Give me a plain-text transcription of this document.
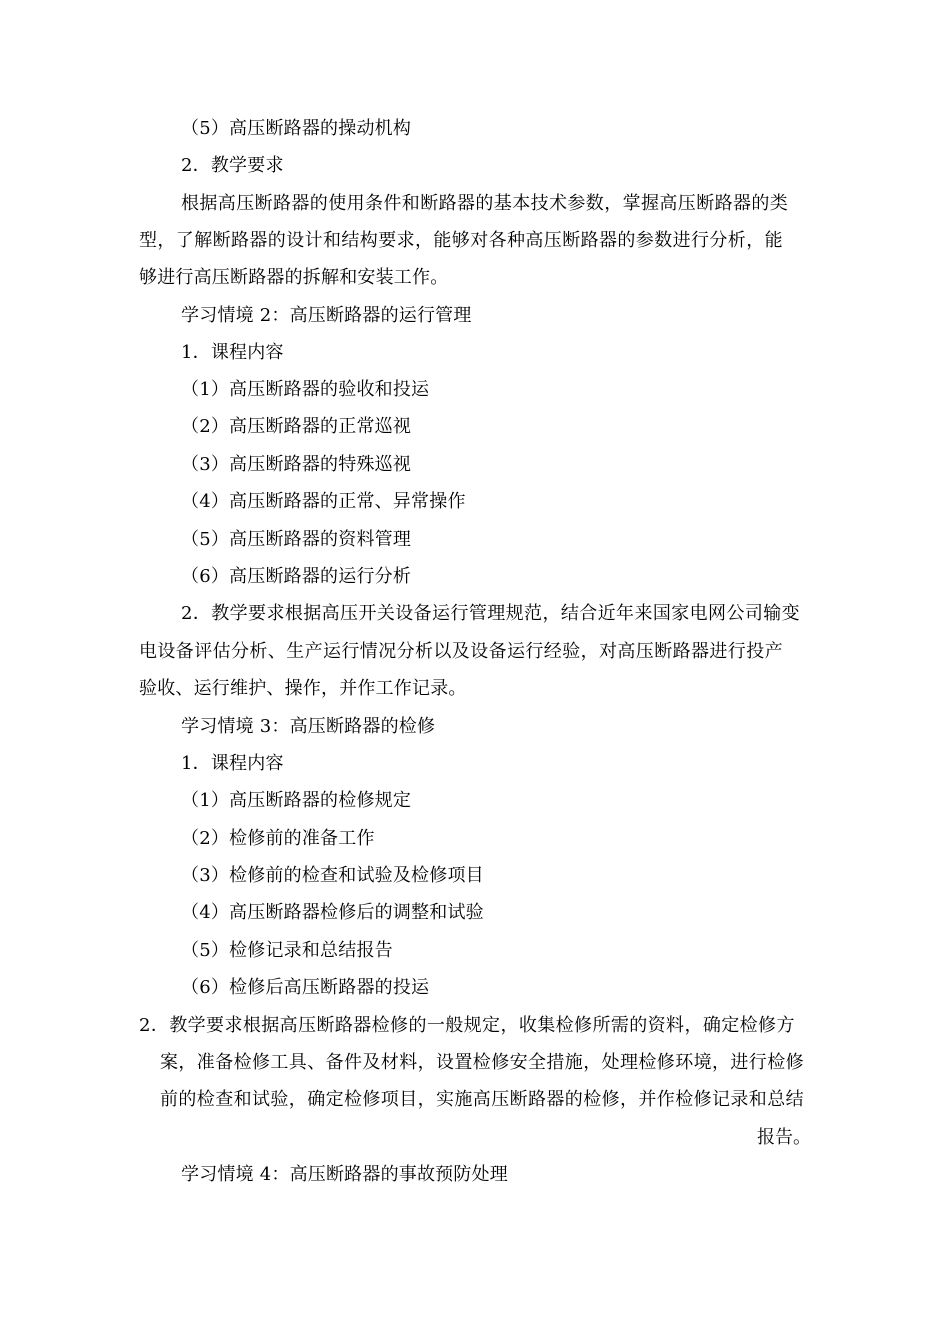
（5）高压断路器的操动机构
2．教学要求
根据高压断路器的使用条件和断路器的基本技术参数，掌握高压断路器的类
型，了解断路器的设计和结构要求，能够对各种高压断路器的参数进行分析，能
够进行高压断路器的拆解和安装工作。
学习情境 2：高压断路器的运行管理
1．课程内容
（1）高压断路器的验收和投运
（2）高压断路器的正常巡视
（3）高压断路器的特殊巡视
（4）高压断路器的正常、异常操作
（5）高压断路器的资料管理
（6）高压断路器的运行分析
2．教学要求根据高压开关设备运行管理规范，结合近年来国家电网公司输变
电设备评估分析、生产运行情况分析以及设备运行经验，对高压断路器进行投产
验收、运行维护、操作，并作工作记录。
学习情境 3：高压断路器的检修
1．课程内容
（1）高压断路器的检修规定
（2）检修前的准备工作
（3）检修前的检查和试验及检修项目
（4）高压断路器检修后的调整和试验
（5）检修记录和总结报告
（6）检修后高压断路器的投运
2．教学要求根据高压断路器检修的一般规定，收集检修所需的资料，确定检修方
案，准备检修工具、备件及材料，设置检修安全措施，处理检修环境，进行检修
前的检查和试验，确定检修项目，实施高压断路器的检修，并作检修记录和总结
报告。
学习情境 4：高压断路器的事故预防处理
